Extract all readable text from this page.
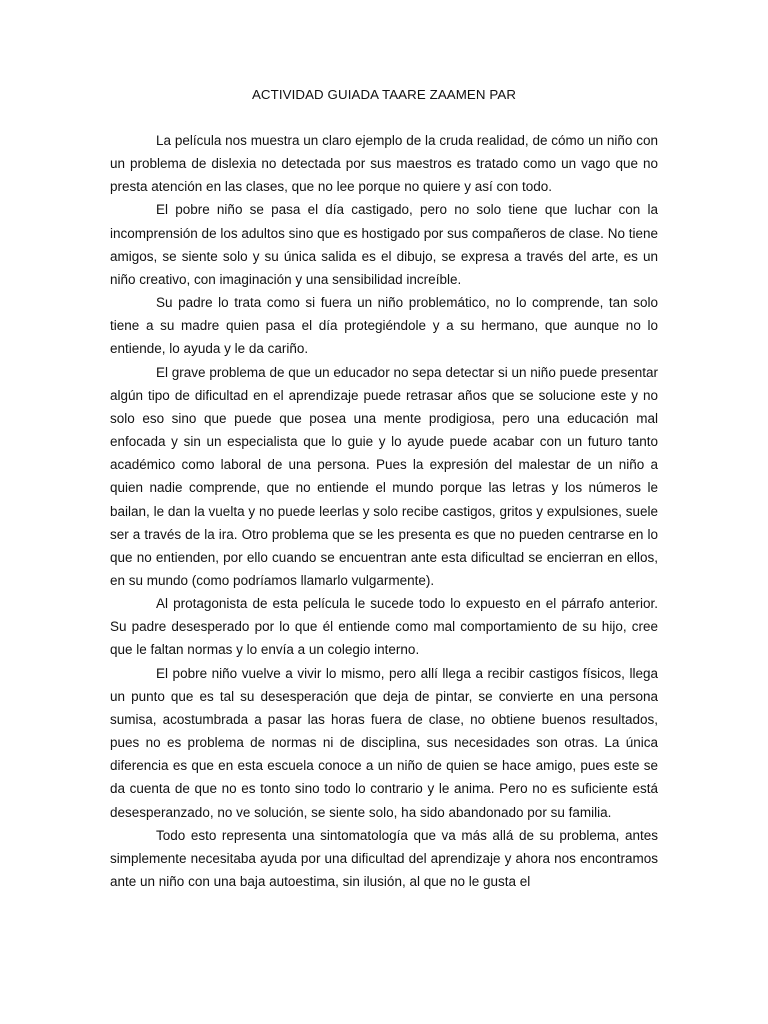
ACTIVIDAD GUIADA TAARE ZAAMEN PAR

La película nos muestra un claro ejemplo de la cruda realidad, de cómo un niño con un problema de dislexia no detectada por sus maestros es tratado como un vago que no presta atención en las clases, que no lee porque no quiere y así con todo.

El pobre niño se pasa el día castigado, pero no solo tiene que luchar con la incomprensión de los adultos sino que es hostigado por sus compañeros de clase. No tiene amigos, se siente solo y su única salida es el dibujo, se expresa a través del arte, es un niño creativo, con imaginación y una sensibilidad increíble.

Su padre lo trata como si fuera un niño problemático, no lo comprende, tan solo tiene a su madre quien pasa el día protegiéndole y a su hermano, que aunque no lo entiende, lo ayuda y le da cariño.

El grave problema de que un educador no sepa detectar si un niño puede presentar algún tipo de dificultad en el aprendizaje puede retrasar años que se solucione este y no solo eso sino que puede que posea una mente prodigiosa, pero una educación mal enfocada y sin un especialista que lo guie y lo ayude puede acabar con un futuro tanto académico como laboral de una persona. Pues la expresión del malestar de un niño a quien nadie comprende, que no entiende el mundo porque las letras y los números le bailan, le dan la vuelta y no puede leerlas y solo recibe castigos, gritos y expulsiones, suele ser a través de la ira. Otro problema que se les presenta es que no pueden centrarse en lo que no entienden, por ello cuando se encuentran ante esta dificultad se encierran en ellos, en su mundo (como podríamos llamarlo vulgarmente).

Al protagonista de esta película le sucede todo lo expuesto en el párrafo anterior. Su padre desesperado por lo que él entiende como mal comportamiento de su hijo, cree que le faltan normas y lo envía a un colegio interno.

El pobre niño vuelve a vivir lo mismo, pero allí llega a recibir castigos físicos, llega un punto que es tal su desesperación que deja de pintar, se convierte en una persona sumisa, acostumbrada a pasar las horas fuera de clase, no obtiene buenos resultados, pues no es problema de normas ni de disciplina, sus necesidades son otras. La única diferencia es que en esta escuela conoce a un niño de quien se hace amigo, pues este se da cuenta de que no es tonto sino todo lo contrario y le anima. Pero no es suficiente está desesperanzado, no ve solución, se siente solo, ha sido abandonado por su familia.

Todo esto representa una sintomatología que va más allá de su problema, antes simplemente necesitaba ayuda por una dificultad del aprendizaje y ahora nos encontramos ante un niño con una baja autoestima, sin ilusión, al que no le gusta el
